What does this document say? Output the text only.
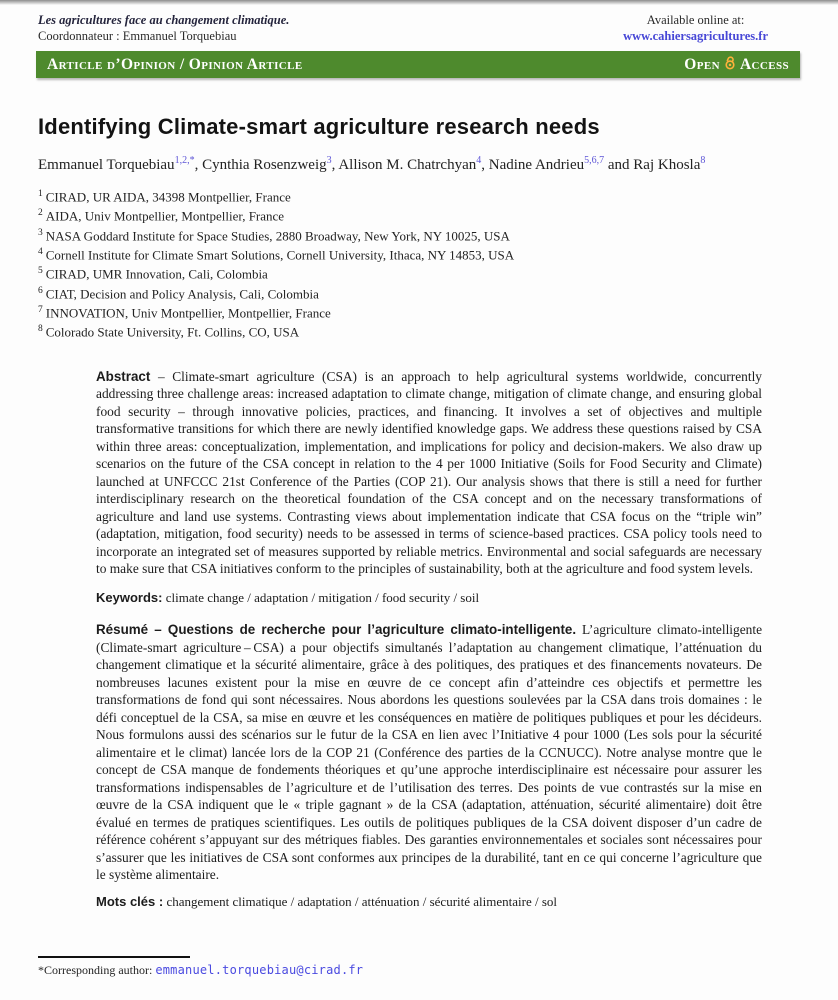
Les agricultures face au changement climatique.
Coordonnateur : Emmanuel Torquebiau
Available online at:
www.cahiersagricultures.fr
Article d’Opinion / Opinion Article	Open Access
Identifying Climate-smart agriculture research needs
Emmanuel Torquebiau$^{1,2,*}$, Cynthia Rosenzweig$^3$, Allison M. Chatrchyan$^4$, Nadine Andrieu$^{5,6,7}$ and Raj Khosla$^8$
$^1$ CIRAD, UR AIDA, 34398 Montpellier, France
$^2$ AIDA, Univ Montpellier, Montpellier, France
$^3$ NASA Goddard Institute for Space Studies, 2880 Broadway, New York, NY 10025, USA
$^4$ Cornell Institute for Climate Smart Solutions, Cornell University, Ithaca, NY 14853, USA
$^5$ CIRAD, UMR Innovation, Cali, Colombia
$^6$ CIAT, Decision and Policy Analysis, Cali, Colombia
$^7$ INNOVATION, Univ Montpellier, Montpellier, France
$^8$ Colorado State University, Ft. Collins, CO, USA
Abstract – Climate-smart agriculture (CSA) is an approach to help agricultural systems worldwide, concurrently addressing three challenge areas: increased adaptation to climate change, mitigation of climate change, and ensuring global food security – through innovative policies, practices, and financing. It involves a set of objectives and multiple transformative transitions for which there are newly identified knowledge gaps. We address these questions raised by CSA within three areas: conceptualization, implementation, and implications for policy and decision-makers. We also draw up scenarios on the future of the CSA concept in relation to the 4 per 1000 Initiative (Soils for Food Security and Climate) launched at UNFCCC 21st Conference of the Parties (COP 21). Our analysis shows that there is still a need for further interdisciplinary research on the theoretical foundation of the CSA concept and on the necessary transformations of agriculture and land use systems. Contrasting views about implementation indicate that CSA focus on the “triple win” (adaptation, mitigation, food security) needs to be assessed in terms of science-based practices. CSA policy tools need to incorporate an integrated set of measures supported by reliable metrics. Environmental and social safeguards are necessary to make sure that CSA initiatives conform to the principles of sustainability, both at the agriculture and food system levels.
Keywords: climate change / adaptation / mitigation / food security / soil
Résumé – Questions de recherche pour l’agriculture climato-intelligente. L’agriculture climato-intelligente (Climate-smart agriculture – CSA) a pour objectifs simultanés l’adaptation au changement climatique, l’atténuation du changement climatique et la sécurité alimentaire, grâce à des politiques, des pratiques et des financements novateurs. De nombreuses lacunes existent pour la mise en œuvre de ce concept afin d’atteindre ces objectifs et permettre les transformations de fond qui sont nécessaires. Nous abordons les questions soulevées par la CSA dans trois domaines : le défi conceptuel de la CSA, sa mise en œuvre et les conséquences en matière de politiques publiques et pour les décideurs. Nous formulons aussi des scénarios sur le futur de la CSA en lien avec l’Initiative 4 pour 1000 (Les sols pour la sécurité alimentaire et le climat) lancée lors de la COP 21 (Conférence des parties de la CCNUCC). Notre analyse montre que le concept de CSA manque de fondements théoriques et qu’une approche interdisciplinaire est nécessaire pour assurer les transformations indispensables de l’agriculture et de l’utilisation des terres. Des points de vue contrastés sur la mise en œuvre de la CSA indiquent que le « triple gagnant » de la CSA (adaptation, atténuation, sécurité alimentaire) doit être évalué en termes de pratiques scientifiques. Les outils de politiques publiques de la CSA doivent disposer d’un cadre de référence cohérent s’appuyant sur des métriques fiables. Des garanties environnementales et sociales sont nécessaires pour s’assurer que les initiatives de CSA sont conformes aux principes de la durabilité, tant en ce qui concerne l’agriculture que le système alimentaire.
Mots clés : changement climatique / adaptation / atténuation / sécurité alimentaire / sol
*Corresponding author: emmanuel.torquebiau@cirad.fr
